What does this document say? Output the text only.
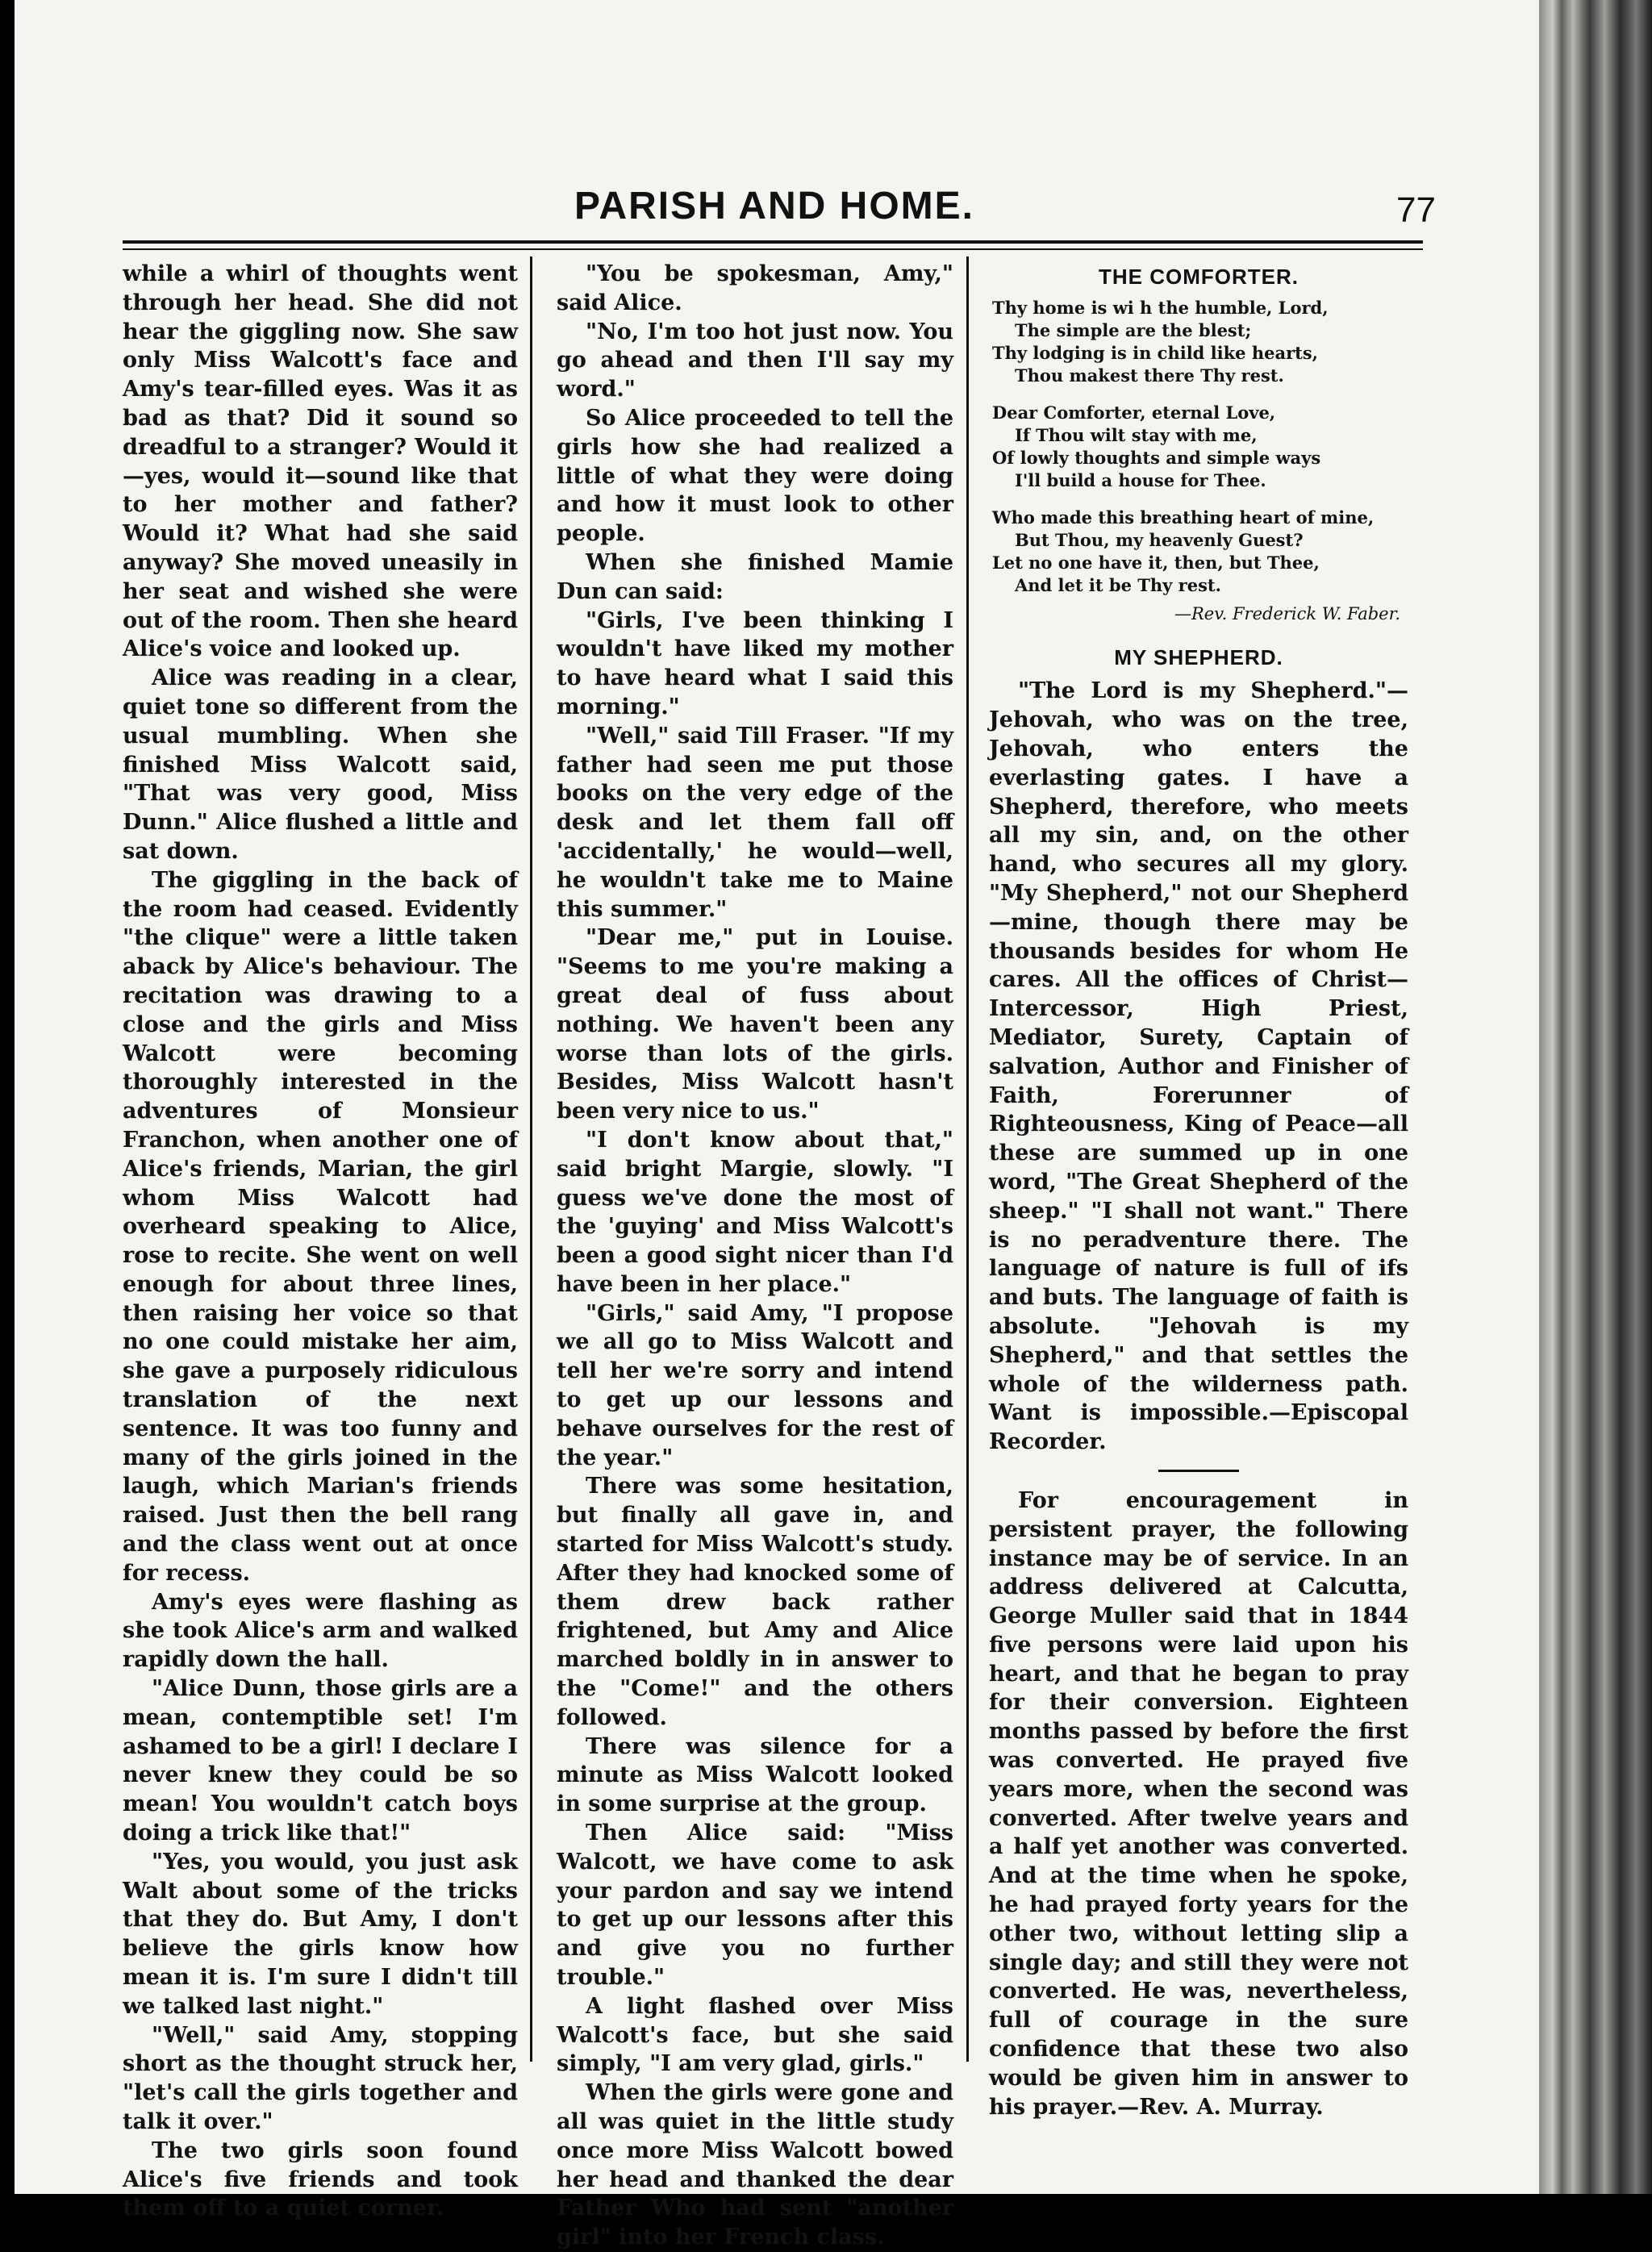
PARISH AND HOME.	77

while a whirl of thoughts went through her head. She did not hear the giggling now. She saw only Miss Walcott's face and Amy's tear-filled eyes. Was it as bad as that? Did it sound so dreadful to a stranger? Would it—yes, would it—sound like that to her mother and father? Would it? What had she said anyway? She moved uneasily in her seat and wished she were out of the room. Then she heard Alice's voice and looked up.

Alice was reading in a clear, quiet tone so different from the usual mumbling. When she finished Miss Walcott said, "That was very good, Miss Dunn." Alice flushed a little and sat down.

The giggling in the back of the room had ceased. Evidently "the clique" were a little taken aback by Alice's behaviour. The recitation was drawing to a close and the girls and Miss Walcott were becoming thoroughly interested in the adventures of Monsieur Franchon, when another one of Alice's friends, Marian, the girl whom Miss Walcott had overheard speaking to Alice, rose to recite. She went on well enough for about three lines, then raising her voice so that no one could mistake her aim, she gave a purposely ridiculous translation of the next sentence. It was too funny and many of the girls joined in the laugh, which Marian's friends raised. Just then the bell rang and the class went out at once for recess.

Amy's eyes were flashing as she took Alice's arm and walked rapidly down the hall.

"Alice Dunn, those girls are a mean, contemptible set! I'm ashamed to be a girl! I declare I never knew they could be so mean! You wouldn't catch boys doing a trick like that!"

"Yes, you would, you just ask Walt about some of the tricks that they do. But Amy, I don't believe the girls know how mean it is. I'm sure I didn't till we talked last night."

"Well," said Amy, stopping short as the thought struck her, "let's call the girls together and talk it over."

The two girls soon found Alice's five friends and took them off to a quiet corner.

"You be spokesman, Amy," said Alice.

"No, I'm too hot just now. You go ahead and then I'll say my word."

So Alice proceeded to tell the girls how she had realized a little of what they were doing and how it must look to other people.

When she finished Mamie Dun can said:

"Girls, I've been thinking I wouldn't have liked my mother to have heard what I said this morning."

"Well," said Till Fraser. "If my father had seen me put those books on the very edge of the desk and let them fall off 'accidentally,' he would—well, he wouldn't take me to Maine this summer."

"Dear me," put in Louise. "Seems to me you're making a great deal of fuss about nothing. We haven't been any worse than lots of the girls. Besides, Miss Walcott hasn't been very nice to us."

"I don't know about that," said bright Margie, slowly. "I guess we've done the most of the 'guying' and Miss Walcott's been a good sight nicer than I'd have been in her place."

"Girls," said Amy, "I propose we all go to Miss Walcott and tell her we're sorry and intend to get up our lessons and behave ourselves for the rest of the year."

There was some hesitation, but finally all gave in, and started for Miss Walcott's study. After they had knocked some of them drew back rather frightened, but Amy and Alice marched boldly in in answer to the "Come!" and the others followed.

There was silence for a minute as Miss Walcott looked in some surprise at the group.

Then Alice said: "Miss Walcott, we have come to ask your pardon and say we intend to get up our lessons after this and give you no further trouble."

A light flashed over Miss Walcott's face, but she said simply, "I am very glad, girls."

When the girls were gone and all was quiet in the little study once more Miss Walcott bowed her head and thanked the dear Father Who had sent "another girl" into her French class.

THE COMFORTER.
Thy home is wi h the humble, Lord,
The simple are the blest;
Thy lodging is in child like hearts,
Thou makest there Thy rest.
Dear Comforter, eternal Love,
If Thou wilt stay with me,
Of lowly thoughts and simple ways
I'll build a house for Thee.
Who made this breathing heart of mine,
But Thou, my heavenly Guest?
Let no one have it, then, but Thee,
And let it be Thy rest.
—Rev. Frederick W. Faber.
MY SHEPHERD.

"The Lord is my Shepherd."—Jehovah, who was on the tree, Jehovah, who enters the everlasting gates. I have a Shepherd, therefore, who meets all my sin, and, on the other hand, who secures all my glory. "My Shepherd," not our Shepherd—mine, though there may be thousands besides for whom He cares. All the offices of Christ—Intercessor, High Priest, Mediator, Surety, Captain of salvation, Author and Finisher of Faith, Forerunner of Righteousness, King of Peace—all these are summed up in one word, "The Great Shepherd of the sheep." "I shall not want." There is no peradventure there. The language of nature is full of ifs and buts. The language of faith is absolute. "Jehovah is my Shepherd," and that settles the whole of the wilderness path. Want is impossible.—Episcopal Recorder.

For encouragement in persistent prayer, the following instance may be of service. In an address delivered at Calcutta, George Muller said that in 1844 five persons were laid upon his heart, and that he began to pray for their conversion. Eighteen months passed by before the first was converted. He prayed five years more, when the second was converted. After twelve years and a half yet another was converted. And at the time when he spoke, he had prayed forty years for the other two, without letting slip a single day; and still they were not converted. He was, nevertheless, full of courage in the sure confidence that these two also would be given him in answer to his prayer.—Rev. A. Murray.
